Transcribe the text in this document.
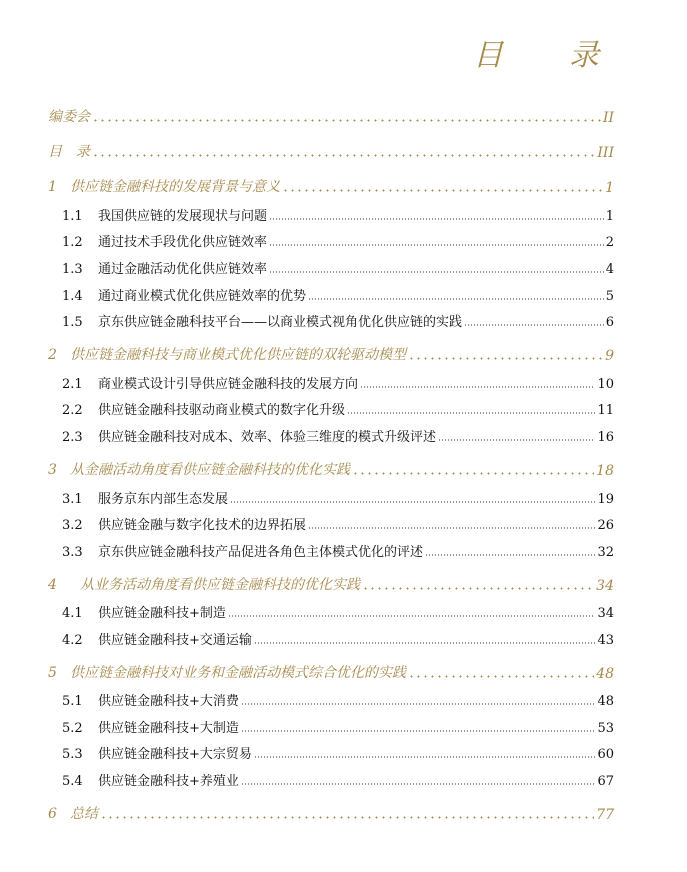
目　录
编委会	II
目　录	III
1 供应链金融科技的发展背景与意义	1
1.1 我国供应链的发展现状与问题	1
1.2 通过技术手段优化供应链效率	2
1.3 通过金融活动优化供应链效率	4
1.4 通过商业模式优化供应链效率的优势	5
1.5 京东供应链金融科技平台——以商业模式视角优化供应链的实践	6
2 供应链金融科技与商业模式优化供应链的双轮驱动模型	9
2.1 商业模式设计引导供应链金融科技的发展方向	10
2.2 供应链金融科技驱动商业模式的数字化升级	11
2.3 供应链金融科技对成本、效率、体验三维度的模式升级评述	16
3 从金融活动角度看供应链金融科技的优化实践	18
3.1 服务京东内部生态发展	19
3.2 供应链金融与数字化技术的边界拓展	26
3.3 京东供应链金融科技产品促进各角色主体模式优化的评述	32
4 从业务活动角度看供应链金融科技的优化实践	34
4.1 供应链金融科技+制造	34
4.2 供应链金融科技+交通运输	43
5 供应链金融科技对业务和金融活动模式综合优化的实践	48
5.1 供应链金融科技+大消费	48
5.2 供应链金融科技+大制造	53
5.3 供应链金融科技+大宗贸易	60
5.4 供应链金融科技+养殖业	67
6 总结	77
